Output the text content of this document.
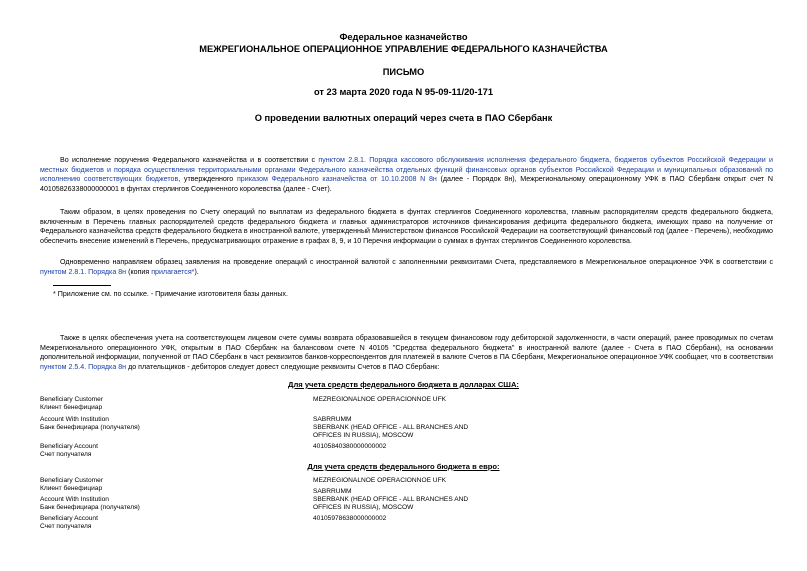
Федеральное казначейство
МЕЖРЕГИОНАЛЬНОЕ ОПЕРАЦИОННОЕ УПРАВЛЕНИЕ ФЕДЕРАЛЬНОГО КАЗНАЧЕЙСТВА
ПИСЬМО
от 23 марта 2020 года N 95-09-11/20-171
О проведении валютных операций через счета в ПАО Сбербанк

Во исполнение поручения Федерального казначейства и в соответствии с пунктом 2.8.1. Порядка кассового обслуживания исполнения федерального бюджета, бюджетов субъектов Российской Федерации и местных бюджетов и порядка осуществления территориальными органами Федерального казначейства отдельных функций финансовых органов субъектов Российской Федерации и муниципальных образований по исполнению соответствующих бюджетов, утвержденного приказом Федерального казначейства от 10.10.2008 N 8н (далее - Порядок 8н), Межрегиональному операционному УФК в ПАО Сбербанк открыт счет N 40105826338000000001 в фунтах стерлингов Соединенного королевства (далее - Счет).

Таким образом, в целях проведения по Счету операций по выплатам из федерального бюджета в фунтах стерлингов Соединенного королевства, главным распорядителям средств федерального бюджета, включенным в Перечень главных распорядителей средств федерального бюджета и главных администраторов источников финансирования дефицита федерального бюджета, имеющих право на получение от Федерального казначейства средств федерального бюджета в иностранной валюте, утвержденный Министерством финансов Российской Федерации на соответствующий финансовый год (далее - Перечень), необходимо обеспечить внесение изменений в Перечень, предусматривающих отражение в графах 8, 9, и 10 Перечня информации о суммах в фунтах стерлингов Соединенного королевства.

Одновременно направляем образец заявления на проведение операций с иностранной валютой с заполненными реквизитами Счета, представляемого в Межрегиональное операционное УФК в соответствии с пунктом 2.8.1. Порядка 8н (копия прилагается*).

* Приложение см. по ссылке. - Примечание изготовителя базы данных.

Также в целях обеспечения учета на соответствующем лицевом счете суммы возврата образовавшейся в текущем финансовом году дебиторской задолженности, в части операций, ранее проводимых по счетам Межрегионального операционного УФК, открытым в ПАО Сбербанк на балансовом счете N 40105 "Средства федерального бюджета" в иностранной валюте (далее - Счета в ПАО Сбербанк), на основании дополнительной информации, полученной от ПАО Сбербанк в част реквизитов банков-корреспондентов для платежей в валюте Счетов в ПА Сбербанк, Межрегиональное операционное УФК сообщает, что в соответствии пунктом 2.5.4. Порядка 8н до плательщиков - дебиторов следует довест следующие реквизиты Счетов в ПАО Сбербанк:

Для учета средств федерального бюджета в долларах США:
Beneficiary Customer
Клиент бенефициар
MEZREGIONALNOE OPERACIONNOE UFK
Account With Institution
Банк бенефициара (получателя)
SABRRUMM
SBERBANK (HEAD OFFICE - ALL BRANCHES AND
OFFICES IN RUSSIA), MOSCOW
Beneficiary Account
Счет получателя
40105840380000000002
Для учета средств федерального бюджета в евро:
Beneficiary Customer
Клиент бенефициар
MEZREGIONALNOE OPERACIONNOE UFK
Account With Institution
Банк бенефициара (получателя)
SABRRUMM
SBERBANK (HEAD OFFICE - ALL BRANCHES AND
OFFICES IN RUSSIA), MOSCOW
Beneficiary Account
Счет получателя
40105978638000000002
